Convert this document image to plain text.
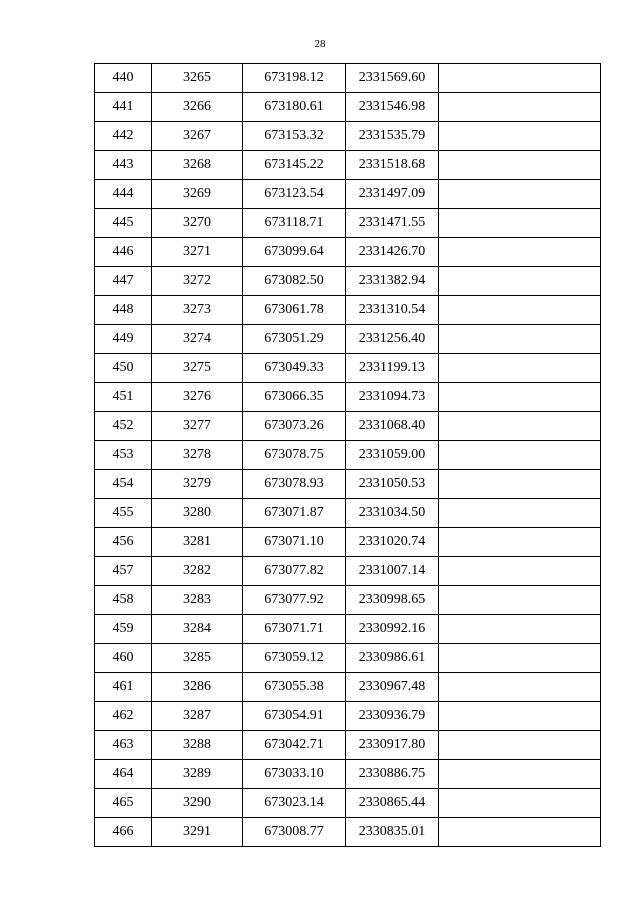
28
440	3265	673198.12	2331569.60	
441	3266	673180.61	2331546.98	
442	3267	673153.32	2331535.79	
443	3268	673145.22	2331518.68	
444	3269	673123.54	2331497.09	
445	3270	673118.71	2331471.55	
446	3271	673099.64	2331426.70	
447	3272	673082.50	2331382.94	
448	3273	673061.78	2331310.54	
449	3274	673051.29	2331256.40	
450	3275	673049.33	2331199.13	
451	3276	673066.35	2331094.73	
452	3277	673073.26	2331068.40	
453	3278	673078.75	2331059.00	
454	3279	673078.93	2331050.53	
455	3280	673071.87	2331034.50	
456	3281	673071.10	2331020.74	
457	3282	673077.82	2331007.14	
458	3283	673077.92	2330998.65	
459	3284	673071.71	2330992.16	
460	3285	673059.12	2330986.61	
461	3286	673055.38	2330967.48	
462	3287	673054.91	2330936.79	
463	3288	673042.71	2330917.80	
464	3289	673033.10	2330886.75	
465	3290	673023.14	2330865.44	
466	3291	673008.77	2330835.01	
